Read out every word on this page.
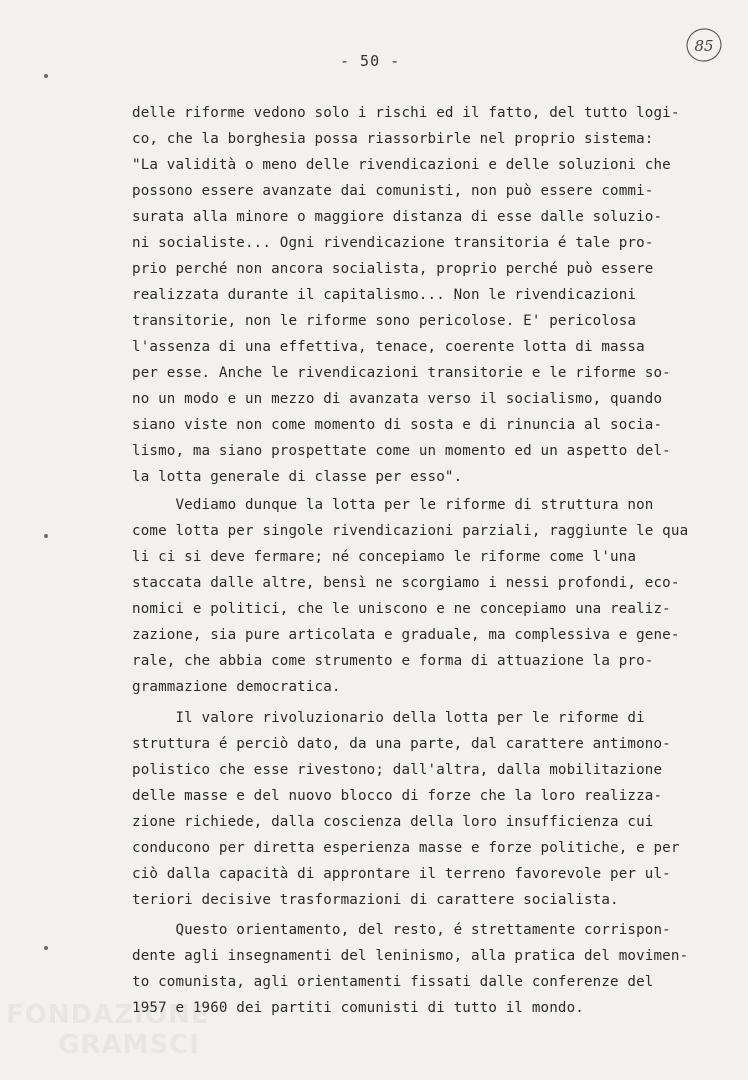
- 50 -
85
delle riforme vedono solo i rischi ed il fatto, del tutto logi-
co, che la borghesia possa riassorbirle nel proprio sistema:
"La validità o meno delle rivendicazioni e delle soluzioni che
possono essere avanzate dai comunisti, non può essere commi-
surata alla minore o maggiore distanza di esse dalle soluzio-
ni socialiste... Ogni rivendicazione transitoria é tale pro-
prio perché non ancora socialista, proprio perché può essere
realizzata durante il capitalismo... Non le rivendicazioni
transitorie, non le riforme sono pericolose. E' pericolosa
l'assenza di una effettiva, tenace, coerente lotta di massa
per esse. Anche le rivendicazioni transitorie e le riforme so-
no un modo e un mezzo di avanzata verso il socialismo, quando
siano viste non come momento di sosta e di rinuncia al socia-
lismo, ma siano prospettate come un momento ed un aspetto del-
la lotta generale di classe per esso".
Vediamo dunque la lotta per le riforme di struttura non
come lotta per singole rivendicazioni parziali, raggiunte le qua
li ci si deve fermare; né concepiamo le riforme come l'una
staccata dalle altre, bensì ne scorgiamo i nessi profondi, eco-
nomici e politici, che le uniscono e ne concepiamo una realiz-
zazione, sia pure articolata e graduale, ma complessiva e gene-
rale, che abbia come strumento e forma di attuazione la pro-
grammazione democratica.
Il valore rivoluzionario della lotta per le riforme di
struttura é perciò dato, da una parte, dal carattere antimono-
polistico che esse rivestono; dall'altra, dalla mobilitazione
delle masse e del nuovo blocco di forze che la loro realizza-
zione richiede, dalla coscienza della loro insufficienza cui
conducono per diretta esperienza masse e forze politiche, e per
ciò dalla capacità di approntare il terreno favorevole per ul-
teriori decisive trasformazioni di carattere socialista.
Questo orientamento, del resto, é strettamente corrispon-
dente agli insegnamenti del leninismo, alla pratica del movimen-
to comunista, agli orientamenti fissati dalle conferenze del
1957 e 1960 dei partiti comunisti di tutto il mondo.
FONDAZIONE
GRAMSCI
